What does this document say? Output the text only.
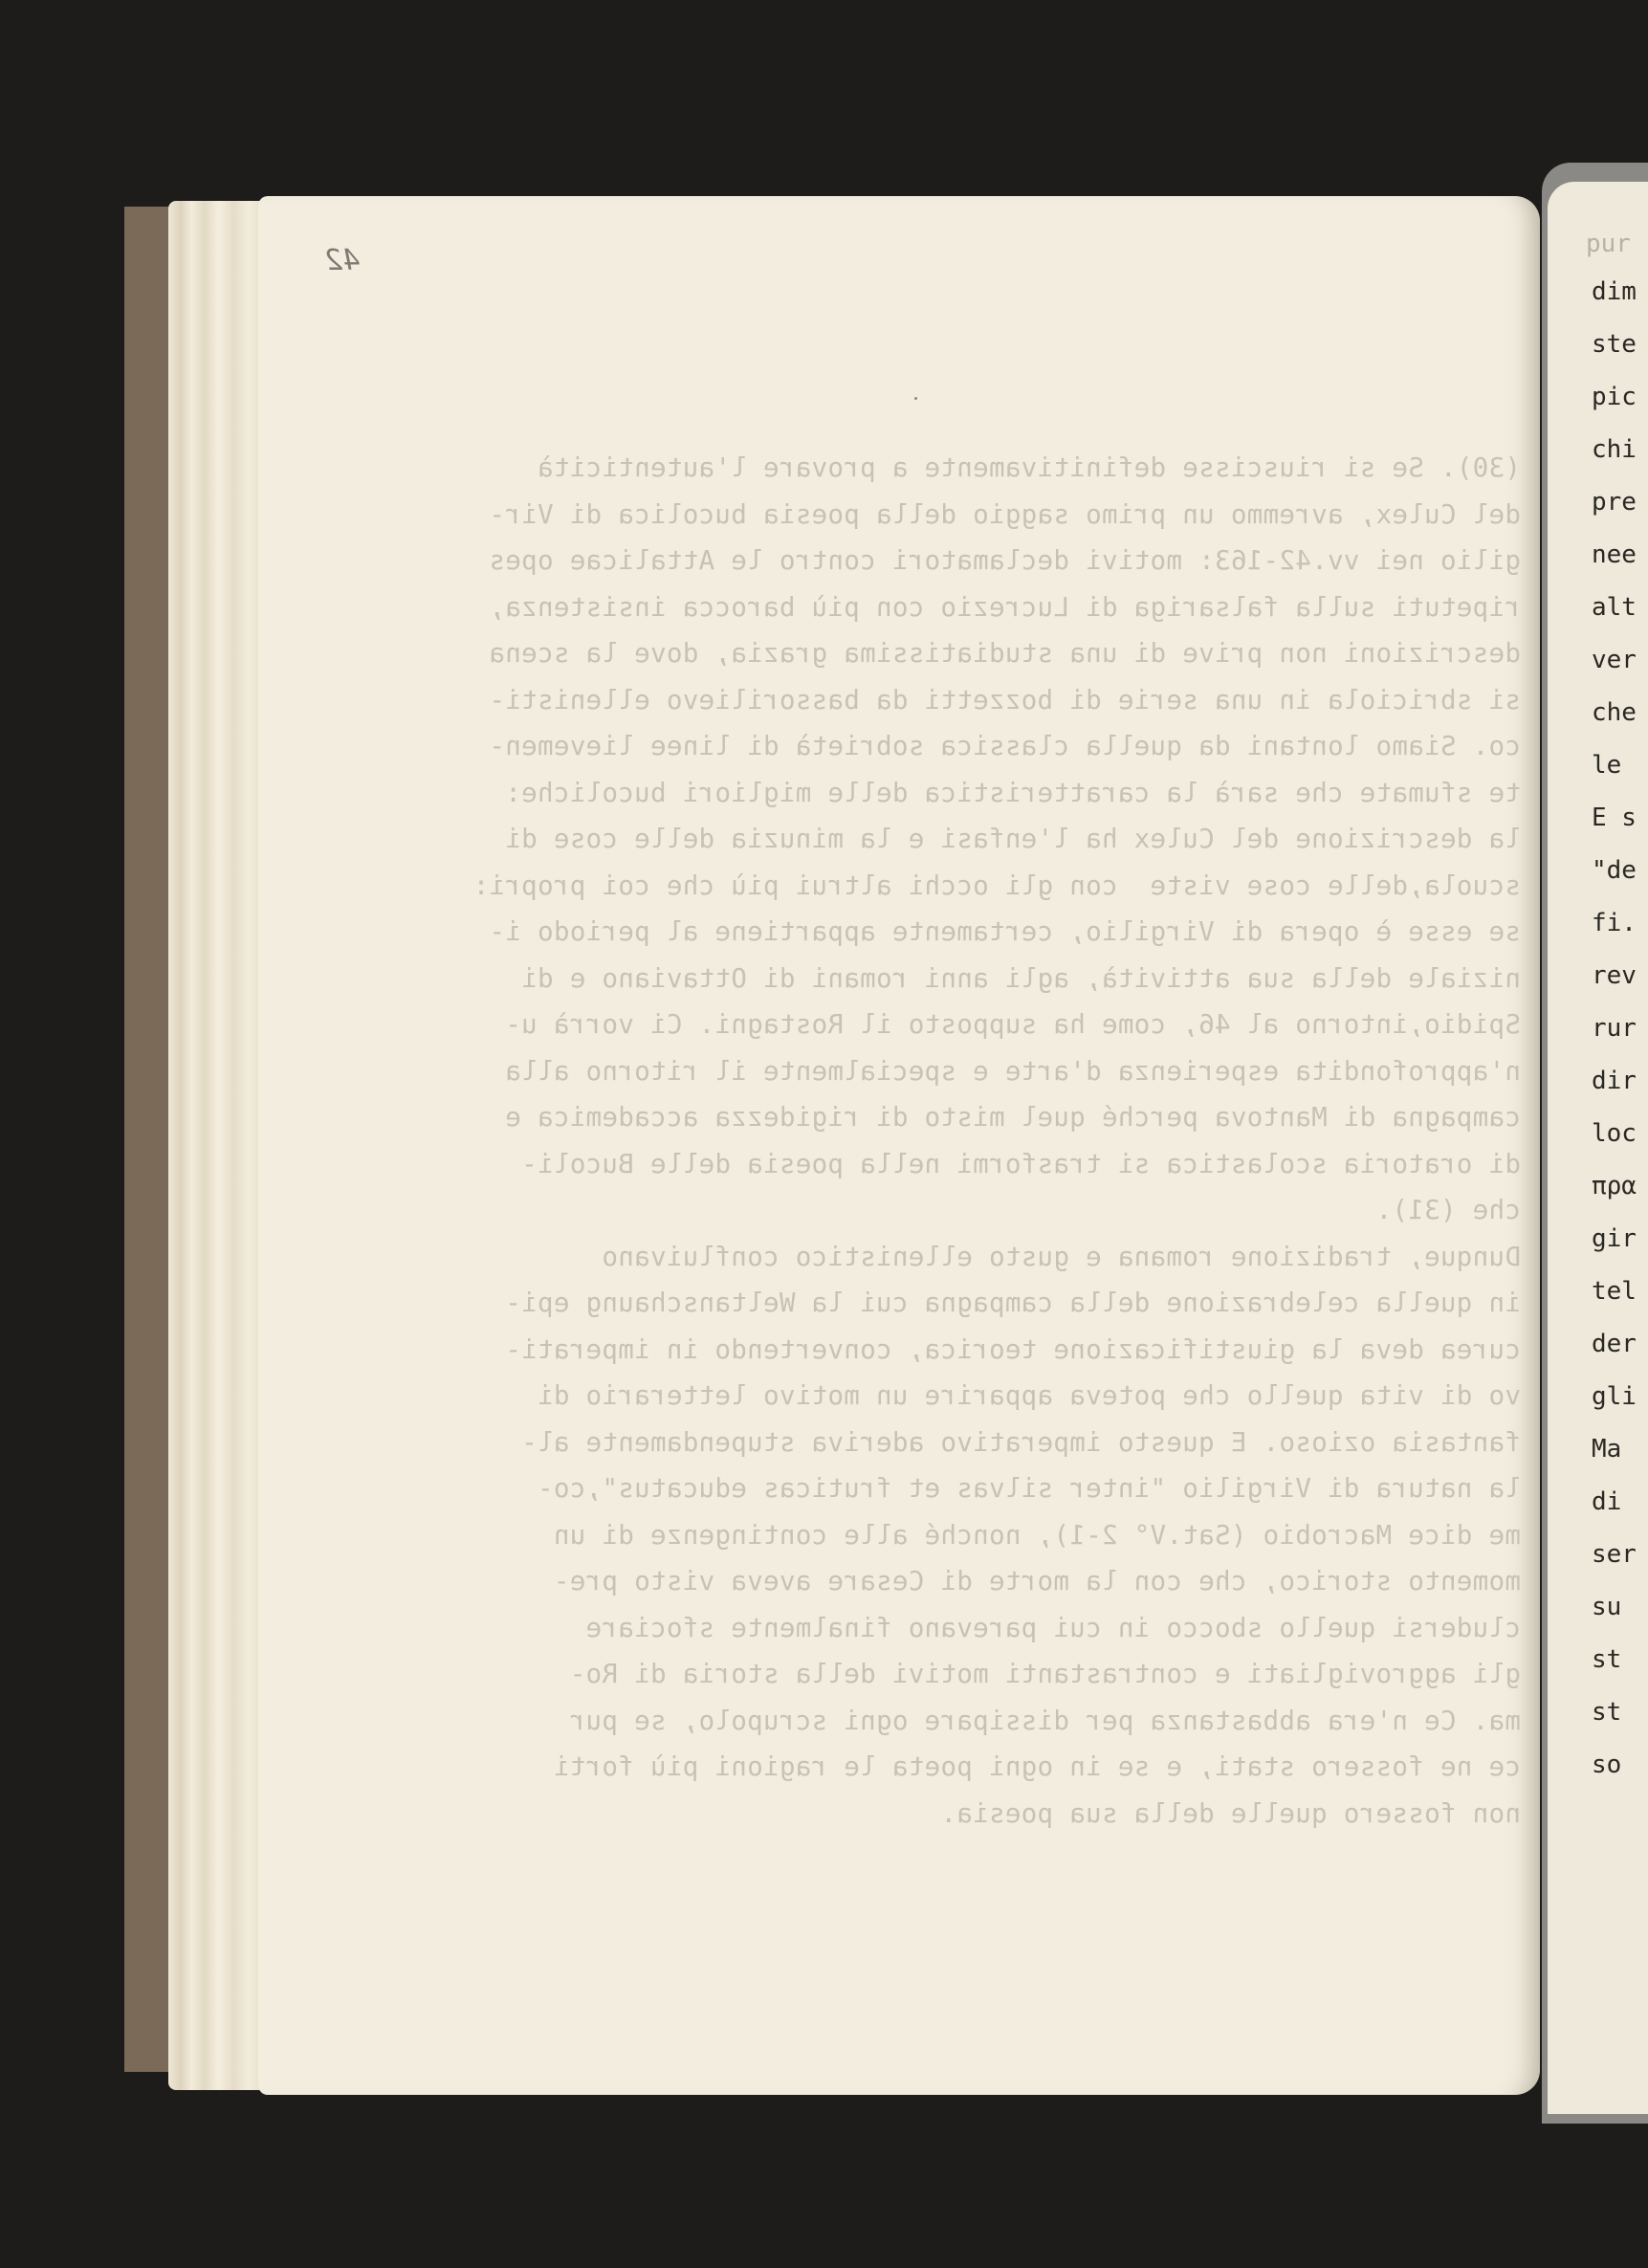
pur
dim
ste
pic
chi
pre
nee
alt
ver
che
le
E s
"de
fi.
rev
rur
dir
loc
πρα
gir
tel
der
gli
Ma
di
ser
su
st
st
so
42
(30). Se si riuscisse definitivamente a provare l'autenticità
del Culex, avremmo un primo saggio della poesia bucolica di Vir-
gilio nei vv.42-163: motivi declamatori contro le Attalicae opes
ripetuti sulla falsariga di Lucrezio con più barocca insistenza,
descrizioni non prive di una studiatissima grazia, dove la scena
si sbriciola in una serie di bozzetti da bassorilievo ellenisti-
co. Siamo lontani da quella classica sobrietà di linee lievemen-
te sfumate che sarà la caratteristica delle migliori bucoliche:
la descrizione del Culex ha l'enfasi e la minuzia delle cose di
scuola,delle cose viste  con gli occhi altrui più che coi propri:
se esse è opera di Virgilio, certamente appartiene al periodo i-
niziale della sua attività, agli anni romani di Ottaviano e di
Spidio,intorno al 46, come ha supposto il Rostagni. Ci vorrà u-
n'approfondita esperienza d'arte e specialmente il ritorno alla
campagna di Mantova perché quel misto di rigidezza accademica e
di oratoria scolastica si trasformi nella poesia delle Bucoli-
che (31).
Dunque, tradizione romana e gusto ellenistico confluivano
in quella celebrazione della campagna cui la Weltanschaung epi-
curea deva la giustificazione teorica, convertendo in imperati-
vo di vita quello che poteva apparire un motivo letterario di
fantasia ozioso. E questo imperativo aderiva stupendamente al-
la natura di Virgilio "inter silvas et fruticas educatus",co-
me dice Macrobio (Sat.V° 2-1), nonché alle contingenze di un
momento storico, che con la morte di Cesare aveva visto pre-
cludersi quello sbocco in cui parevano finalmente sfociare
gli aggrovigliati e contrastanti motivi della storia di Ro-
ma. Ce n'era abbastanza per dissipare ogni scrupolo, se pur
ce ne fossero stati, e se in ogni poeta le ragioni più forti
non fossero quelle della sua poesia.
